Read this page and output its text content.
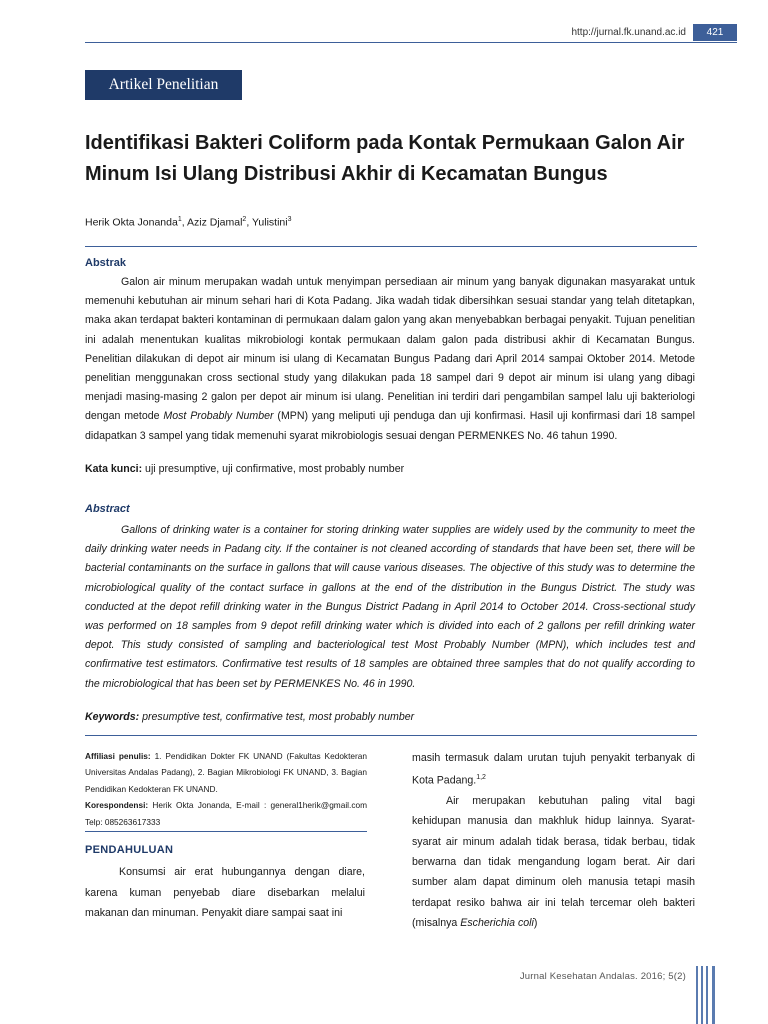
http://jurnal.fk.unand.ac.id	421
Artikel Penelitian
Identifikasi Bakteri Coliform pada Kontak Permukaan Galon Air Minum Isi Ulang Distribusi Akhir di Kecamatan Bungus
Herik Okta Jonanda$^1$, Aziz Djamal$^2$, Yulistini$^3$
Abstrak

Galon air minum merupakan wadah untuk menyimpan persediaan air minum yang banyak digunakan masyarakat untuk memenuhi kebutuhan air minum sehari hari di Kota Padang. Jika wadah tidak dibersihkan sesuai standar yang telah ditetapkan, maka akan terdapat bakteri kontaminan di permukaan dalam galon yang akan menyebabkan berbagai penyakit. Tujuan penelitian ini adalah menentukan kualitas mikrobiologi kontak permukaan dalam galon pada distribusi akhir di Kecamatan Bungus. Penelitian dilakukan di depot air minum isi ulang di Kecamatan Bungus Padang dari April 2014 sampai Oktober 2014. Metode penelitian menggunakan cross sectional study yang dilakukan pada 18 sampel dari 9 depot air minum isi ulang yang dibagi menjadi masing-masing 2 galon per depot air minum isi ulang. Penelitian ini terdiri dari pengambilan sampel lalu uji bakteriologi dengan metode Most Probably Number (MPN) yang meliputi uji penduga dan uji konfirmasi. Hasil uji konfirmasi dari 18 sampel didapatkan 3 sampel yang tidak memenuhi syarat mikrobiologis sesuai dengan PERMENKES No. 46 tahun 1990.

Kata kunci: uji presumptive, uji confirmative, most probably number
Abstract

Gallons of drinking water is a container for storing drinking water supplies are widely used by the community to meet the daily drinking water needs in Padang city. If the container is not cleaned according of standards that have been set, there will be bacterial contaminants on the surface in gallons that will cause various diseases. The objective of this study was to determine the microbiological quality of the contact surface in gallons at the end of the distribution in the Bungus District. The study was conducted at the depot refill drinking water in the Bungus District Padang in April 2014 to October 2014. Cross-sectional study was performed on 18 samples from 9 depot refill drinking water which is divided into each of 2 gallons per refill drinking water depot. This study consisted of sampling and bacteriological test Most Probably Number (MPN), which includes test and confirmative test estimators. Confirmative test results of 18 samples are obtained three samples that do not qualify according to the microbiological that has been set by PERMENKES No. 46 in 1990.

Keywords: presumptive test, confirmative test, most probably number

Affiliasi penulis: 1. Pendidikan Dokter FK UNAND (Fakultas Kedokteran Universitas Andalas Padang), 2. Bagian Mikrobiologi FK UNAND, 3. Bagian Pendidikan Kedokteran FK UNAND.
Korespondensi: Herik Okta Jonanda, E-mail : general1herik@gmail.com Telp: 085263617333

PENDAHULUAN

Konsumsi air erat hubungannya dengan diare, karena kuman penyebab diare disebarkan melalui makanan dan minuman. Penyakit diare sampai saat ini

masih termasuk dalam urutan tujuh penyakit terbanyak di Kota Padang.$^{1,2}$
Air merupakan kebutuhan paling vital bagi kehidupan manusia dan makhluk hidup lainnya. Syarat-syarat air minum adalah tidak berasa, tidak berbau, tidak berwarna dan tidak mengandung logam berat. Air dari sumber alam dapat diminum oleh manusia tetapi masih terdapat resiko bahwa air ini telah tercemar oleh bakteri (misalnya Escherichia coli)

Jurnal Kesehatan Andalas. 2016; 5(2)
